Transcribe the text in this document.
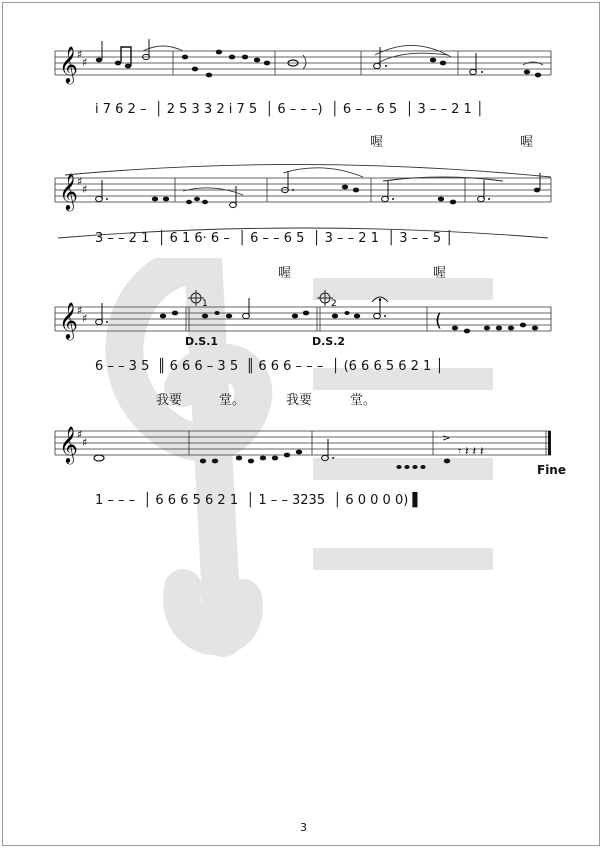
𝄞 ♯
♯
i 7 6 2 –  │ 2 5 3 3 2 i 7 5  │ 6 – – –)  │ 6 – – 6 5  │ 3 – – 2 1 │
喔	喔
𝄞 ♯
♯
3 – – 2 1  │ 6 1 6· 6 –  │ 6 – – 6 5  │ 3 – – 2 1  │ 3 – – 5 │
喔	喔
𝄞 ♯
♯
1	2
(
D.S.1	D.S.2
6 – – 3 5  ║ 6 6 6 – 3 5  ║ 6 6 6 – – –  │ (6 6 6 5 6 2 1 │
我要	堂。	我要	堂。
𝄞 ♯
♯	>
𝄾 𝄽 𝄽 𝄽
Fine
1 – – –  │ 6 6 6 5 6 2 1  │ 1 – – 3235  │ 6 0 0 0 0) ▌
3
